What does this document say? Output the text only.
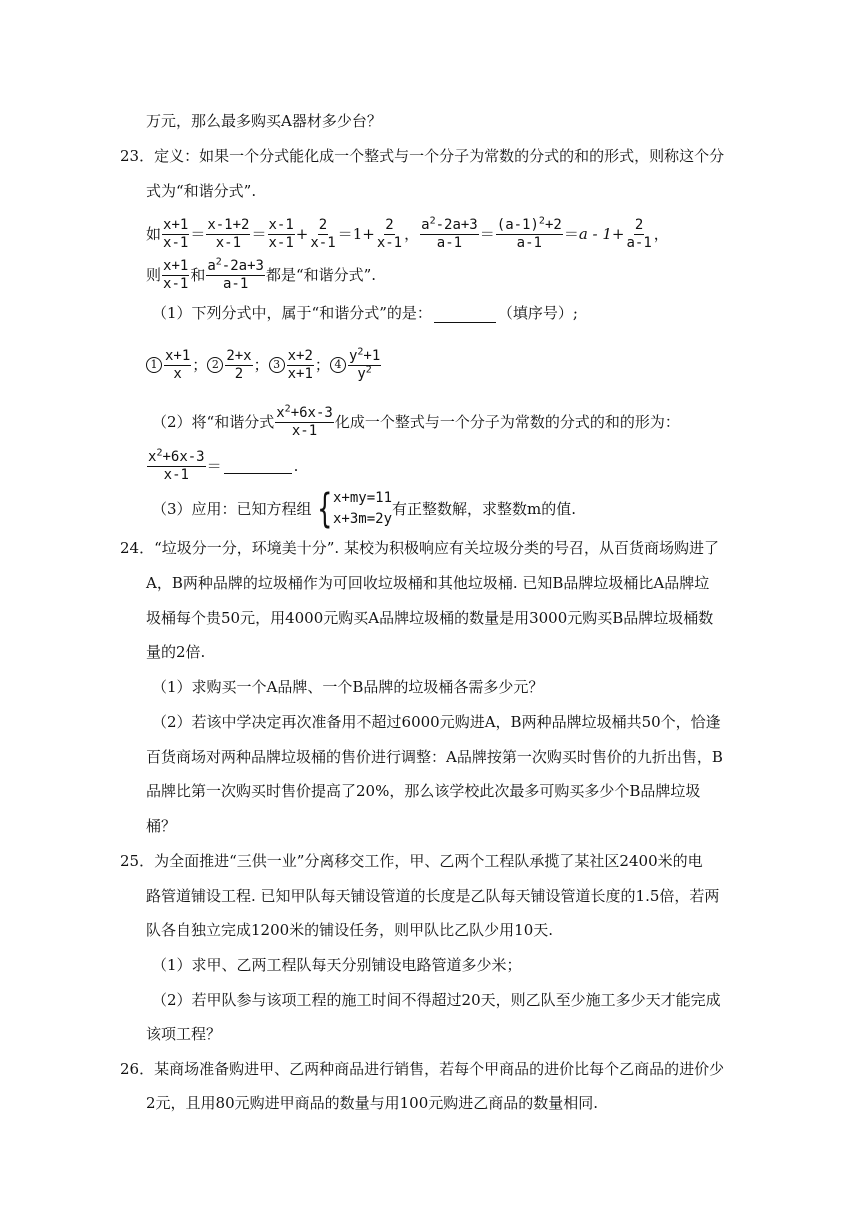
万元，那么最多购买A器材多少台？
23．定义：如果一个分式能化成一个整式与一个分子为常数的分式的和的形式，则称这个分
式为“和谐分式”.
如 $\frac{x+1}{x-1} = \frac{x-1+2}{x-1} = \frac{x-1}{x-1} + \frac{2}{x-1} = 1+ \frac{2}{x-1}$ ， $\frac{a^2-2a+3}{a-1} = \frac{(a-1)^2+2}{a-1} = a - 1+ \frac{2}{a-1}$ ，
则 $\frac{x+1}{x-1}$ 和 $\frac{a^2-2a+3}{a-1}$ 都是“和谐分式”.
（1）下列分式中，属于“和谐分式”的是：	（填序号）;
$1 \frac{x+1}{x}$ ； $2 \frac{2+x}{2}$ ； $3 \frac{x+2}{x+1}$ ； $4 \frac{y^2+1}{y^2}$
（2）将“和谐分式 $\frac{x^2+6x-3}{x-1}$ 化成一个整式与一个分子为常数的分式的和的形为：
$\frac{x^2+6x-3}{x-1}$ ＝	.
（3）应用：已知方程组 { x+my=11
x+3m=2y
有正整数解，求整数m的值.
24．“垃圾分一分，环境美十分”. 某校为积极响应有关垃圾分类的号召，从百货商场购进了
A，B两种品牌的垃圾桶作为可回收垃圾桶和其他垃圾桶. 已知B品牌垃圾桶比A品牌垃
圾桶每个贵50元，用4000元购买A品牌垃圾桶的数量是用3000元购买B品牌垃圾桶数
量的2倍.
（1）求购买一个A品牌、一个B品牌的垃圾桶各需多少元？
（2）若该中学决定再次准备用不超过6000元购进A，B两种品牌垃圾桶共50个，恰逢
百货商场对两种品牌垃圾桶的售价进行调整：A品牌按第一次购买时售价的九折出售，B
品牌比第一次购买时售价提高了20%，那么该学校此次最多可购买多少个B品牌垃圾
桶？
25．为全面推进“三供一业”分离移交工作，甲、乙两个工程队承揽了某社区2400米的电
路管道铺设工程. 已知甲队每天铺设管道的长度是乙队每天铺设管道长度的1.5倍，若两
队各自独立完成1200米的铺设任务，则甲队比乙队少用10天.
（1）求甲、乙两工程队每天分别铺设电路管道多少米；
（2）若甲队参与该项工程的施工时间不得超过20天，则乙队至少施工多少天才能完成
该项工程？
26．某商场准备购进甲、乙两种商品进行销售，若每个甲商品的进价比每个乙商品的进价少
2元，且用80元购进甲商品的数量与用100元购进乙商品的数量相同.
